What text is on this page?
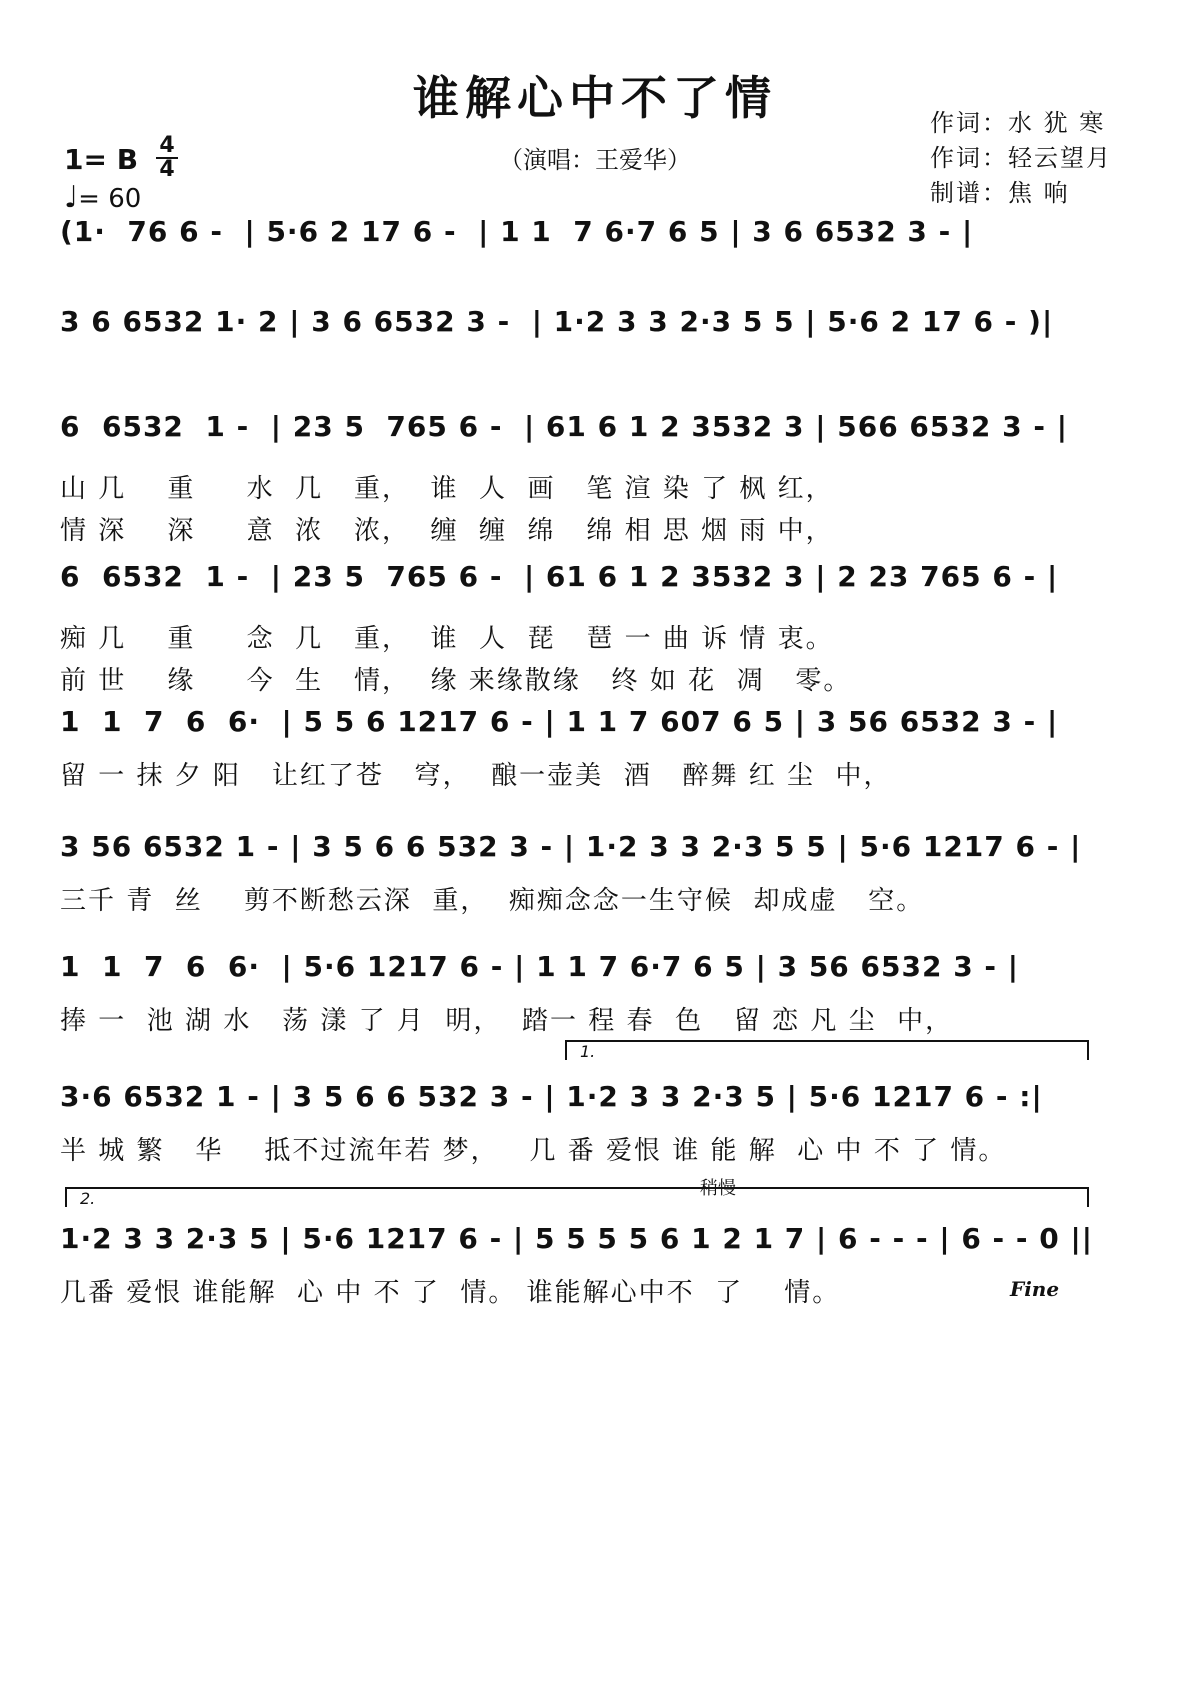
谁解心中不了情
（演唱：王爱华）
作词：水 犹 寒
作词：轻云望月
制谱：焦 响
1= B 4
4
♩= 60
(1·  76 6 -  | 5·6 2 17 6 -  | 1 1  7 6·7 6 5 | 3 6 6532 3 - |
3 6 6532 1· 2 | 3 6 6532 3 -  | 1·2 3 3 2·3 5 5 | 5·6 2 17 6 - )|
6  6532  1 -  | 23 5  765 6 -  | 61 6 1 2 3532 3 | 566 6532 3 - |
山 几    重     水  几   重，  谁  人  画   笔 渲 染 了 枫 红，
情 深    深     意  浓   浓，  缠  缠  绵   绵 相 思 烟 雨 中，
6  6532  1 -  | 23 5  765 6 -  | 61 6 1 2 3532 3 | 2 23 765 6 - |
痴 几    重     念  几   重，  谁  人  琵   琶 一 曲 诉 情 衷。
前 世    缘     今  生   情，  缘 来缘散缘   终 如 花  凋   零。
1  1  7  6  6·  | 5 5 6 1217 6 - | 1 1 7 607 6 5 | 3 56 6532 3 - |
留 一 抹 夕 阳   让红了苍   穹，  酿一壶美  酒   醉舞 红 尘  中，
3 56 6532 1 - | 3 5 6 6 532 3 - | 1·2 3 3 2·3 5 5 | 5·6 1217 6 - |
三千 青  丝    剪不断愁云深  重，  痴痴念念一生守候  却成虚   空。
1  1  7  6  6·  | 5·6 1217 6 - | 1 1 7 6·7 6 5 | 3 56 6532 3 - |
捧 一  池 湖 水   荡 漾 了 月  明，  踏一 程 春  色   留 恋 凡 尘  中，
1.
3·6 6532 1 - | 3 5 6 6 532 3 - | 1·2 3 3 2·3 5 | 5·6 1217 6 - :|
半 城 繁   华    抵不过流年若 梦，   几 番 爱恨 谁 能 解  心 中 不 了 情。
2.	稍慢
1·2 3 3 2·3 5 | 5·6 1217 6 - | 5 5 5 5 6 1 2 1 7 | 6 - - - | 6 - - 0 ||
几番 爱恨 谁能解  心 中 不 了  情。 谁能解心中不  了    情。	Fine
